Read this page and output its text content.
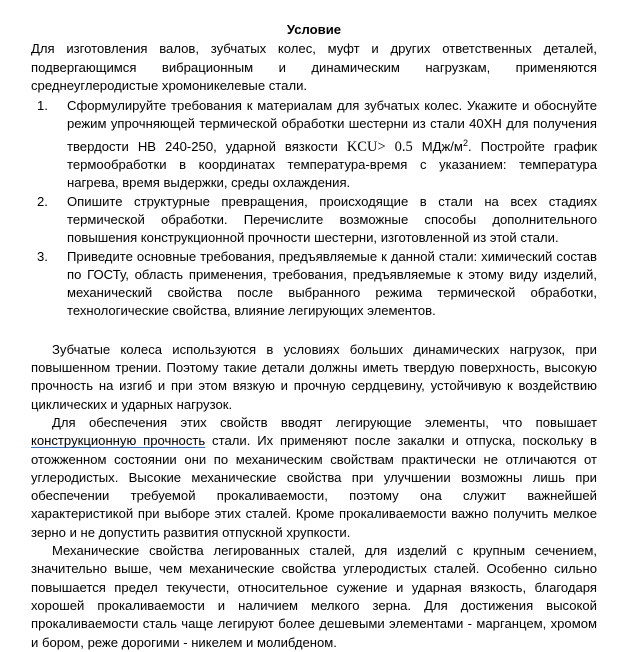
Условие
Для изготовления валов, зубчатых колес, муфт и других ответственных деталей, подвергающимся вибрационным и динамическим нагрузкам, применяются среднеуглеродистые хромоникелевые стали.
1.	Сформулируйте требования к материалам для зубчатых колес. Укажите и обоснуйте режим упрочняющей термической обработки шестерни из стали 40ХН для получения твердости НВ 240-250, ударной вязкости KCU> 0.5 МДж/$м^2$. Постройте график термообработки в координатах температура-время с указанием: температура нагрева, время выдержки, среды охлаждения.
2.	Опишите структурные превращения, происходящие в стали на всех стадиях термической обработки. Перечислите возможные способы дополнительного повышения конструкционной прочности шестерни, изготовленной из этой стали.
3.	Приведите основные требования, предъявляемые к данной стали: химический состав по ГОСТу, область применения, требования, предъявляемые к этому виду изделий, механический свойства после выбранного режима термической обработки, технологические свойства, влияние легирующих элементов.
Зубчатые колеса используются в условиях больших динамических нагрузок, при повышенном трении. Поэтому такие детали должны иметь твердую поверхность, высокую прочность на изгиб и при этом вязкую и прочную сердцевину, устойчивую к воздействию циклических и ударных нагрузок.
Для обеспечения этих свойств вводят легирующие элементы, что повышает конструкционную прочность стали. Их применяют после закалки и отпуска, поскольку в отожженном состоянии они по механическим свойствам практически не отличаются от углеродистых. Высокие механические свойства при улучшении возможны лишь при обеспечении требуемой прокаливаемости, поэтому она служит важнейшей характеристикой при выборе этих сталей. Кроме прокаливаемости важно получить мелкое зерно и не допустить развития отпускной хрупкости.
Механические свойства легированных сталей, для изделий с крупным сечением, значительно выше, чем механические свойства углеродистых сталей. Особенно сильно повышается предел текучести, относительное сужение и ударная вязкость, благодаря хорошей прокаливаемости и наличием мелкого зерна. Для достижения высокой прокаливаемости сталь чаще легируют более дешевыми элементами - марганцем, хромом и бором, реже дорогими - никелем и молибденом.
